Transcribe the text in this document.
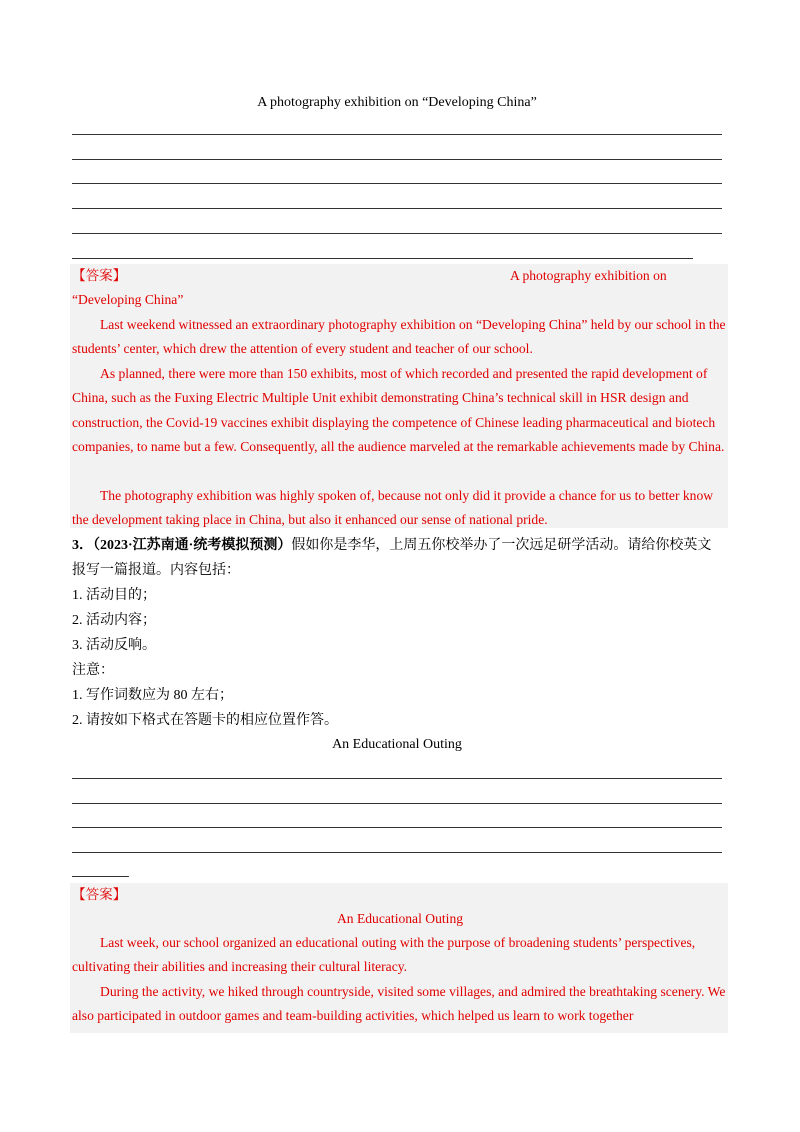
A photography exhibition on “Developing China”
【答案】	A photography exhibition on
“Developing China”
Last weekend witnessed an extraordinary photography exhibition on “Developing China” held by our school in the students’ center, which drew the attention of every student and teacher of our school.
As planned, there were more than 150 exhibits, most of which recorded and presented the rapid development of China, such as the Fuxing Electric Multiple Unit exhibit demonstrating China’s technical skill in HSR design and construction, the Covid-19 vaccines exhibit displaying the competence of Chinese leading pharmaceutical and biotech companies, to name but a few. Consequently, all the audience marveled at the remarkable achievements made by China.
The photography exhibition was highly spoken of, because not only did it provide a chance for us to better know the development taking place in China, but also it enhanced our sense of national pride.
3．（2023·江苏南通·统考模拟预测）假如你是李华，上周五你校举办了一次远足研学活动。请给你校英文
报写一篇报道。内容包括：
1. 活动目的；
2. 活动内容；
3. 活动反响。
注意：
1. 写作词数应为 80 左右；
2. 请按如下格式在答题卡的相应位置作答。
An Educational Outing
【答案】
An Educational Outing
Last week, our school organized an educational outing with the purpose of broadening students’ perspectives, cultivating their abilities and increasing their cultural literacy.
During the activity, we hiked through countryside, visited some villages, and admired the breathtaking scenery. We also participated in outdoor games and team-building activities, which helped us learn to work together
